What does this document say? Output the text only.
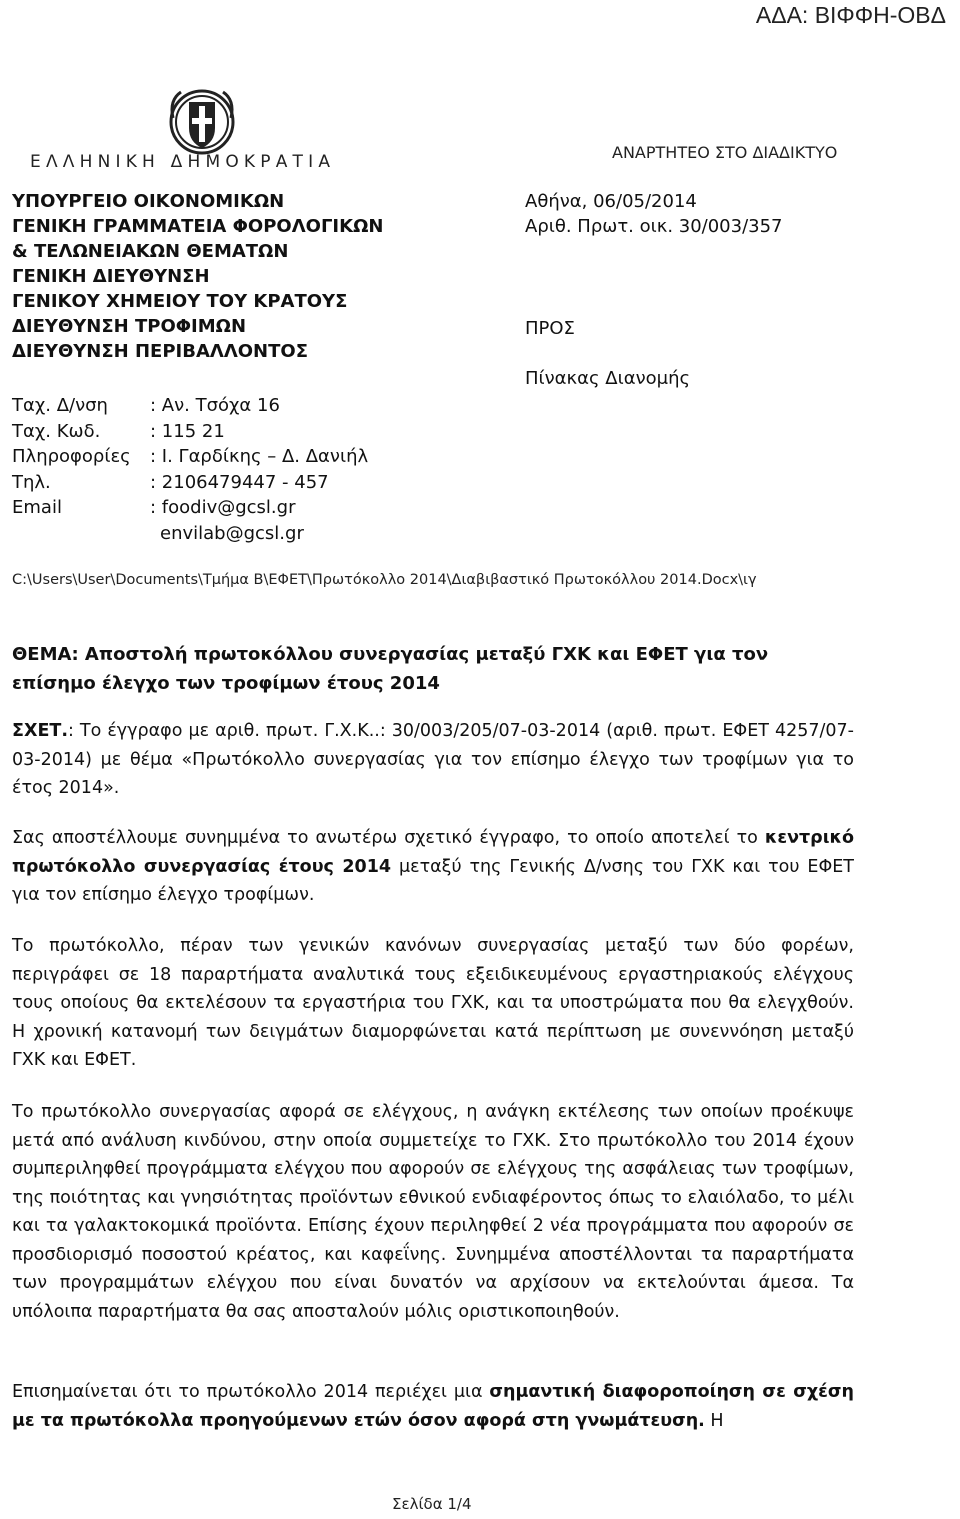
ΑΔΑ: ΒΙΦΦΗ-ΟΒΔ
ΕΛΛΗΝΙΚΗ ΔΗΜΟΚΡΑΤΙΑ	ΑΝΑΡΤΗΤΕΟ ΣΤΟ ΔΙΑΔΙΚΤΥΟ
ΥΠΟΥΡΓΕΙΟ ΟΙΚΟΝΟΜΙΚΩΝ
ΓΕΝΙΚΗ ΓΡΑΜΜΑΤΕΙΑ ΦΟΡΟΛΟΓΙΚΩΝ
& ΤΕΛΩΝΕΙΑΚΩΝ ΘΕΜΑΤΩΝ
ΓΕΝΙΚΗ ΔΙΕΥΘΥΝΣΗ
ΓΕΝΙΚΟΥ ΧΗΜΕΙΟΥ ΤΟΥ ΚΡΑΤΟΥΣ
ΔΙΕΥΘΥΝΣΗ ΤΡΟΦΙΜΩΝ
ΔΙΕΥΘΥΝΣΗ ΠΕΡΙΒΑΛΛΟΝΤΟΣ
Αθήνα, 06/05/2014
Αριθ. Πρωτ. οικ. 30/003/357
ΠΡΟΣ
Πίνακας Διανομής
Ταχ. Δ/νση	: Αν. Τσόχα 16
Ταχ. Κωδ.	: 115 21
Πληροφορίες	: Ι. Γαρδίκης – Δ. Δανιήλ
Τηλ.	: 2106479447 - 457
Email	: foodiv@gcsl.gr
envilab@gcsl.gr
C:\Users\User\Documents\Τμήμα Β\ΕΦΕΤ\Πρωτόκολλο 2014\Διαβιβαστικό Πρωτοκόλλου 2014.Docx\ιγ
ΘΕΜΑ: Αποστολή πρωτοκόλλου συνεργασίας μεταξύ ΓΧΚ και ΕΦΕΤ για τον επίσημο έλεγχο των τροφίμων έτους 2014
ΣΧΕΤ.: Το έγγραφο με αριθ. πρωτ. Γ.Χ.Κ..: 30/003/205/07-03-2014 (αριθ. πρωτ. ΕΦΕΤ 4257/07-03-2014) με θέμα «Πρωτόκολλο συνεργασίας για τον επίσημο έλεγχο των τροφίμων για το έτος 2014».
Σας αποστέλλουμε συνημμένα το ανωτέρω σχετικό έγγραφο, το οποίο αποτελεί το κεντρικό πρωτόκολλο συνεργασίας έτους 2014 μεταξύ της Γενικής Δ/νσης του ΓΧΚ και του ΕΦΕΤ για τον επίσημο έλεγχο τροφίμων.
Το πρωτόκολλο, πέραν των γενικών κανόνων συνεργασίας μεταξύ των δύο φορέων, περιγράφει σε 18 παραρτήματα αναλυτικά τους εξειδικευμένους εργαστηριακούς ελέγχους τους οποίους θα εκτελέσουν τα εργαστήρια του ΓΧΚ, και τα υποστρώματα που θα ελεγχθούν. Η χρονική κατανομή των δειγμάτων διαμορφώνεται κατά περίπτωση με συνεννόηση μεταξύ ΓΧΚ και ΕΦΕΤ.
Το πρωτόκολλο συνεργασίας αφορά σε ελέγχους, η ανάγκη εκτέλεσης των οποίων προέκυψε μετά από ανάλυση κινδύνου, στην οποία συμμετείχε το ΓΧΚ. Στο πρωτόκολλο του 2014 έχουν συμπεριληφθεί προγράμματα ελέγχου που αφορούν σε ελέγχους της ασφάλειας των τροφίμων, της ποιότητας και γνησιότητας προϊόντων εθνικού ενδιαφέροντος όπως το ελαιόλαδο, το μέλι και τα γαλακτοκομικά προϊόντα. Επίσης έχουν περιληφθεί 2 νέα προγράμματα που αφορούν σε προσδιορισμό ποσοστού κρέατος, και καφεΐνης. Συνημμένα αποστέλλονται τα παραρτήματα των προγραμμάτων ελέγχου που είναι δυνατόν να αρχίσουν να εκτελούνται άμεσα. Τα υπόλοιπα παραρτήματα θα σας αποσταλούν μόλις οριστικοποιηθούν.
Επισημαίνεται ότι το πρωτόκολλο 2014 περιέχει μια σημαντική διαφοροποίηση σε σχέση με τα πρωτόκολλα προηγούμενων ετών όσον αφορά στη γνωμάτευση. Η
Σελίδα 1/4
